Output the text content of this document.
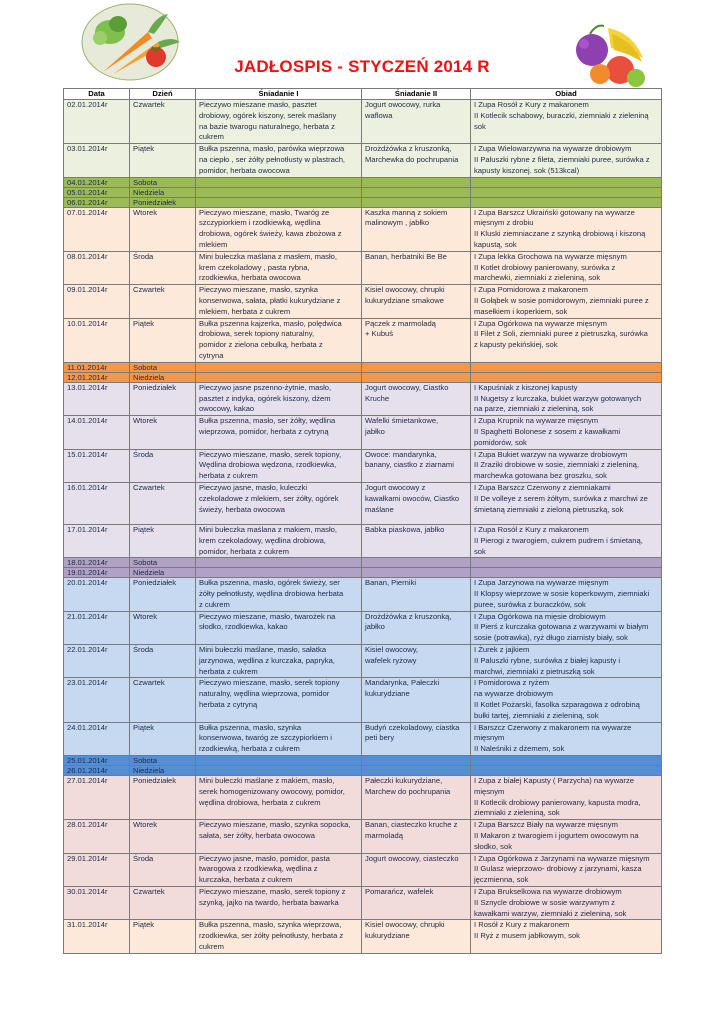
JADŁOSPIS - STYCZEŃ 2014 R
Data	Dzień	Śniadanie I	Śniadanie II	Obiad
02.01.2014r	Czwartek	Pieczywo mieszane masło, pasztet
drobiowy, ogórek kiszony, serek maślany
na bazie twarogu naturalnego, herbata z
cukrem	Jogurt owocowy, rurka
waflowa	I Zupa Rosół z Kury z makaronem
II Kotlecik schabowy, buraczki, ziemniaki z zieleniną
sok
03.01.2014r	Piątek	Bułka pszenna, masło, parówka wieprzowa
na ciepło , ser żółty pełnotłusty w plastrach,
pomidor, herbata owocowa	Drożdżówka z kruszonką,
Marchewka do pochrupania	I Zupa Wielowarzywna na wywarze drobiowym
II Paluszki rybne z fileta, ziemniaki puree, surówka z
kapusty kiszonej. sok (513kcal)
04.01.2014r	Sobota			
05.01.2014r	Niedziela			
06.01.2014r	Poniedziałek			
07.01.2014r	Wtorek	Pieczywo mieszane, masło, Twaróg ze
szczypiorkiem i rzodkiewką, wędlina
drobiowa, ogórek świeży, kawa zbożowa z
mlekiem	Kaszka manną z sokiem
malinowym , jabłko	I Zupa Barszcz Ukraiński gotowany na wywarze
mięsnym z drobiu
II Kluski ziemniaczane z szynką drobiową i kiszoną
kapustą, sok
08.01.2014r	Środa	Mini bułeczka maślana z masłem, masło,
krem czekoladowy , pasta rybna,
rzodkiewka, herbata owocowa	Banan, herbatniki Be Be	I Zupa lekka Grochowa na wywarze mięsnym
II Kotlet drobiowy panierowany, surówka z
marchewki, ziemniaki z zieleniną, sok
09.01.2014r	Czwartek	Pieczywo mieszane, masło, szynka
konserwowa, sałata, płatki kukurydziane z
mlekiem, herbata z cukrem	Kisiel owocowy, chrupki
kukurydziane smakowe	I Zupa Pomidorowa z makaronem
II Gołąbek w sosie pomidorowym, ziemniaki puree z
masełkiem i koperkiem, sok
10.01.2014r	Piątek	Bułka pszenna kajzerka, masło, polędwica
drobiowa, serek topiony naturalny,
pomidor z zielona cebulką, herbata z
cytryna	Pączek z marmoladą
+ Kubuś	I Zupa Ogórkowa na wywarze mięsnym
II Filet z Soli, ziemniaki puree z pietruszką, surówka
z kapusty pekińskiej, sok
11.01.2014r	Sobota			
12.01.2014r	Niedziela			
13.01.2014r	Poniedziałek	Pieczywo jasne pszenno-żytnie, masło,
pasztet z indyka, ogórek kiszony, dżem
owocowy, kakao	Jogurt owocowy, Ciastko
Kruche	I Kapuśniak z kiszonej kapusty
II Nugetsy z kurczaka, bukiet warzyw gotowanych
na parze, ziemniaki z zieleniną, sok
14.01.2014r	Wtorek	Bułka pszenna, masło, ser żółty, wędlina
wieprzowa, pomidor, herbata z cytryną	Wafelki śmietankowe,
jabłko	I Zupa Krupnik na wywarze mięsnym
II Spaghetti Bolonese z sosem z kawałkami
pomidorów, sok
15.01.2014r	Środa	Pieczywo mieszane, masło, serek topiony,
Wędlina drobiowa wędzona, rzodkiewka,
herbata z cukrem	Owoce: mandarynka,
banany, ciastko z ziarnami	I Zupa Bukiet warzyw na wywarze drobiowym
II Zraziki drobiowe w sosie, ziemniaki z zieleniną,
marchewka gotowana bez groszku, sok
16.01.2014r	Czwartek	Pieczywo jasne, masło, kuleczki
czekoladowe z mlekiem, ser żółty, ogórek
świeży, herbata owocowa	Jogurt owocowy z
kawałkami owoców, Ciastko
maślane	I Zupa Barszcz Czerwony z ziemniakami
II De volleye z serem żółtym, surówka z marchwi ze
śmietaną ziemniaki z zieloną pietruszką, sok
17.01.2014r	Piątek	Mini bułeczka maślana z makiem, masło,
krem czekoladowy, wędlina drobiowa,
pomidor, herbata z cukrem	Babka piaskowa, jabłko	I Zupa Rosół z Kury z makaronem
II Pierogi z twarogiem, cukrem pudrem i śmietaną,
sok
18.01.2014r	Sobota			
19.01.2014r	Niedziela			
20.01.2014r	Poniedziałek	Bułka pszenna, masło, ogórek świeży, ser
żółty pełnotłusty, wędlina drobiowa herbata
z cukrem	Banan, Pierniki	I Zupa Jarzynowa na wywarze mięsnym
II Klopsy wieprzowe w sosie koperkowym, ziemniaki
puree, surówka z buraczków, sok
21.01.2014r	Wtorek	Pieczywo mieszane, masło, twarożek na
słodko, rzodkiewka, kakao	Drożdżówka z kruszonką,
jabłko	I Zupa Ogórkowa na mięsie drobiowym
II Pierś z kurczaka gotowana z warzywami w białym
sosie (potrawka), ryż długo ziarnisty biały, sok
22.01.2014r	Środa	Mini bułeczki maślane, masło, sałatka
jarzynowa, wędlina z kurczaka, papryka,
herbata z cukrem	Kisiel owocowy,
wafelek ryżowy	I Żurek z jajkiem
II Paluszki rybne, surówka z białej kapusty i
marchwi, ziemniaki z pietruszką sok
23.01.2014r	Czwartek	Pieczywo mieszane, masło, serek topiony
naturalny, wędlina wieprzowa, pomidor
herbata z cytryną	Mandarynka, Pałeczki
kukurydziane	I Pomidorowa z ryżem
na wywarze drobiowym
II Kotlet Pożarski, fasolka szparagowa z odrobiną
bułki tartej, ziemniaki z zieleniną, sok
24.01.2014r	Piątek	Bułka pszenna, masło, szynka
konserwowa, twaróg ze szczypiorkiem i
rzodkiewką, herbata z cukrem	Budyń czekoladowy, ciastka
peti bery	I Barszcz Czerwony z makaronem na wywarze
mięsnym
II Naleśniki z dżemem, sok
25.01.2014r	Sobota			
26.01.2014r	Niedziela			
27.01.2014r	Poniedziałek	Mini bułeczki maślane z makiem, masło,
serek homogenizowany owocowy, pomidor,
wędlina drobiowa, herbata z cukrem	Pałeczki kukurydziane,
Marchew do pochrupania	I Zupa z białej Kapusty ( Parzycha) na wywarze
mięsnym
II Kotlecik drobiowy panierowany, kapusta modra,
ziemniaki z zieleniną, sok
28.01.2014r	Wtorek	Pieczywo mieszane, masło, szynka sopocka,
sałata, ser żółty, herbata owocowa	Banan, ciasteczko kruche z
marmoladą	I Zupa Barszcz Biały na wywarze mięsnym
II Makaron z twarogiem i jogurtem owocowym na
słodko, sok
29.01.2014r	Środa	Pieczywo jasne, masło, pomidor, pasta
twarogowa z rzodkiewką, wędlina z
kurczaka, herbata z cukrem	Jogurt owocowy, ciasteczko	I Zupa Ogórkowa z Jarzynami na wywarze mięsnym
II Gulasz wieprzowo- drobiowy z jarzynami, kasza
jęczmienna, sok
30.01.2014r	Czwartek	Pieczywo mieszane, masło, serek topiony z
szynką, jajko na twardo, herbata bawarka	Pomarańcz, wafelek	I Zupa Brukselkowa na wywarze drobiowym
II Sznycle drobiowe w sosie warzywnym z
kawałkami warzyw, ziemniaki z zieleniną, sok
31.01.2014r	Piątek	Bułka pszenna, masło, szynka wieprzowa,
rzodkiewka, ser żółty pełnotłusty, herbata z
cukrem	Kisiel owocowy, chrupki
kukurydziane	I Rosół z Kury z makaronem
II Ryż z musem jabłkowym, sok
